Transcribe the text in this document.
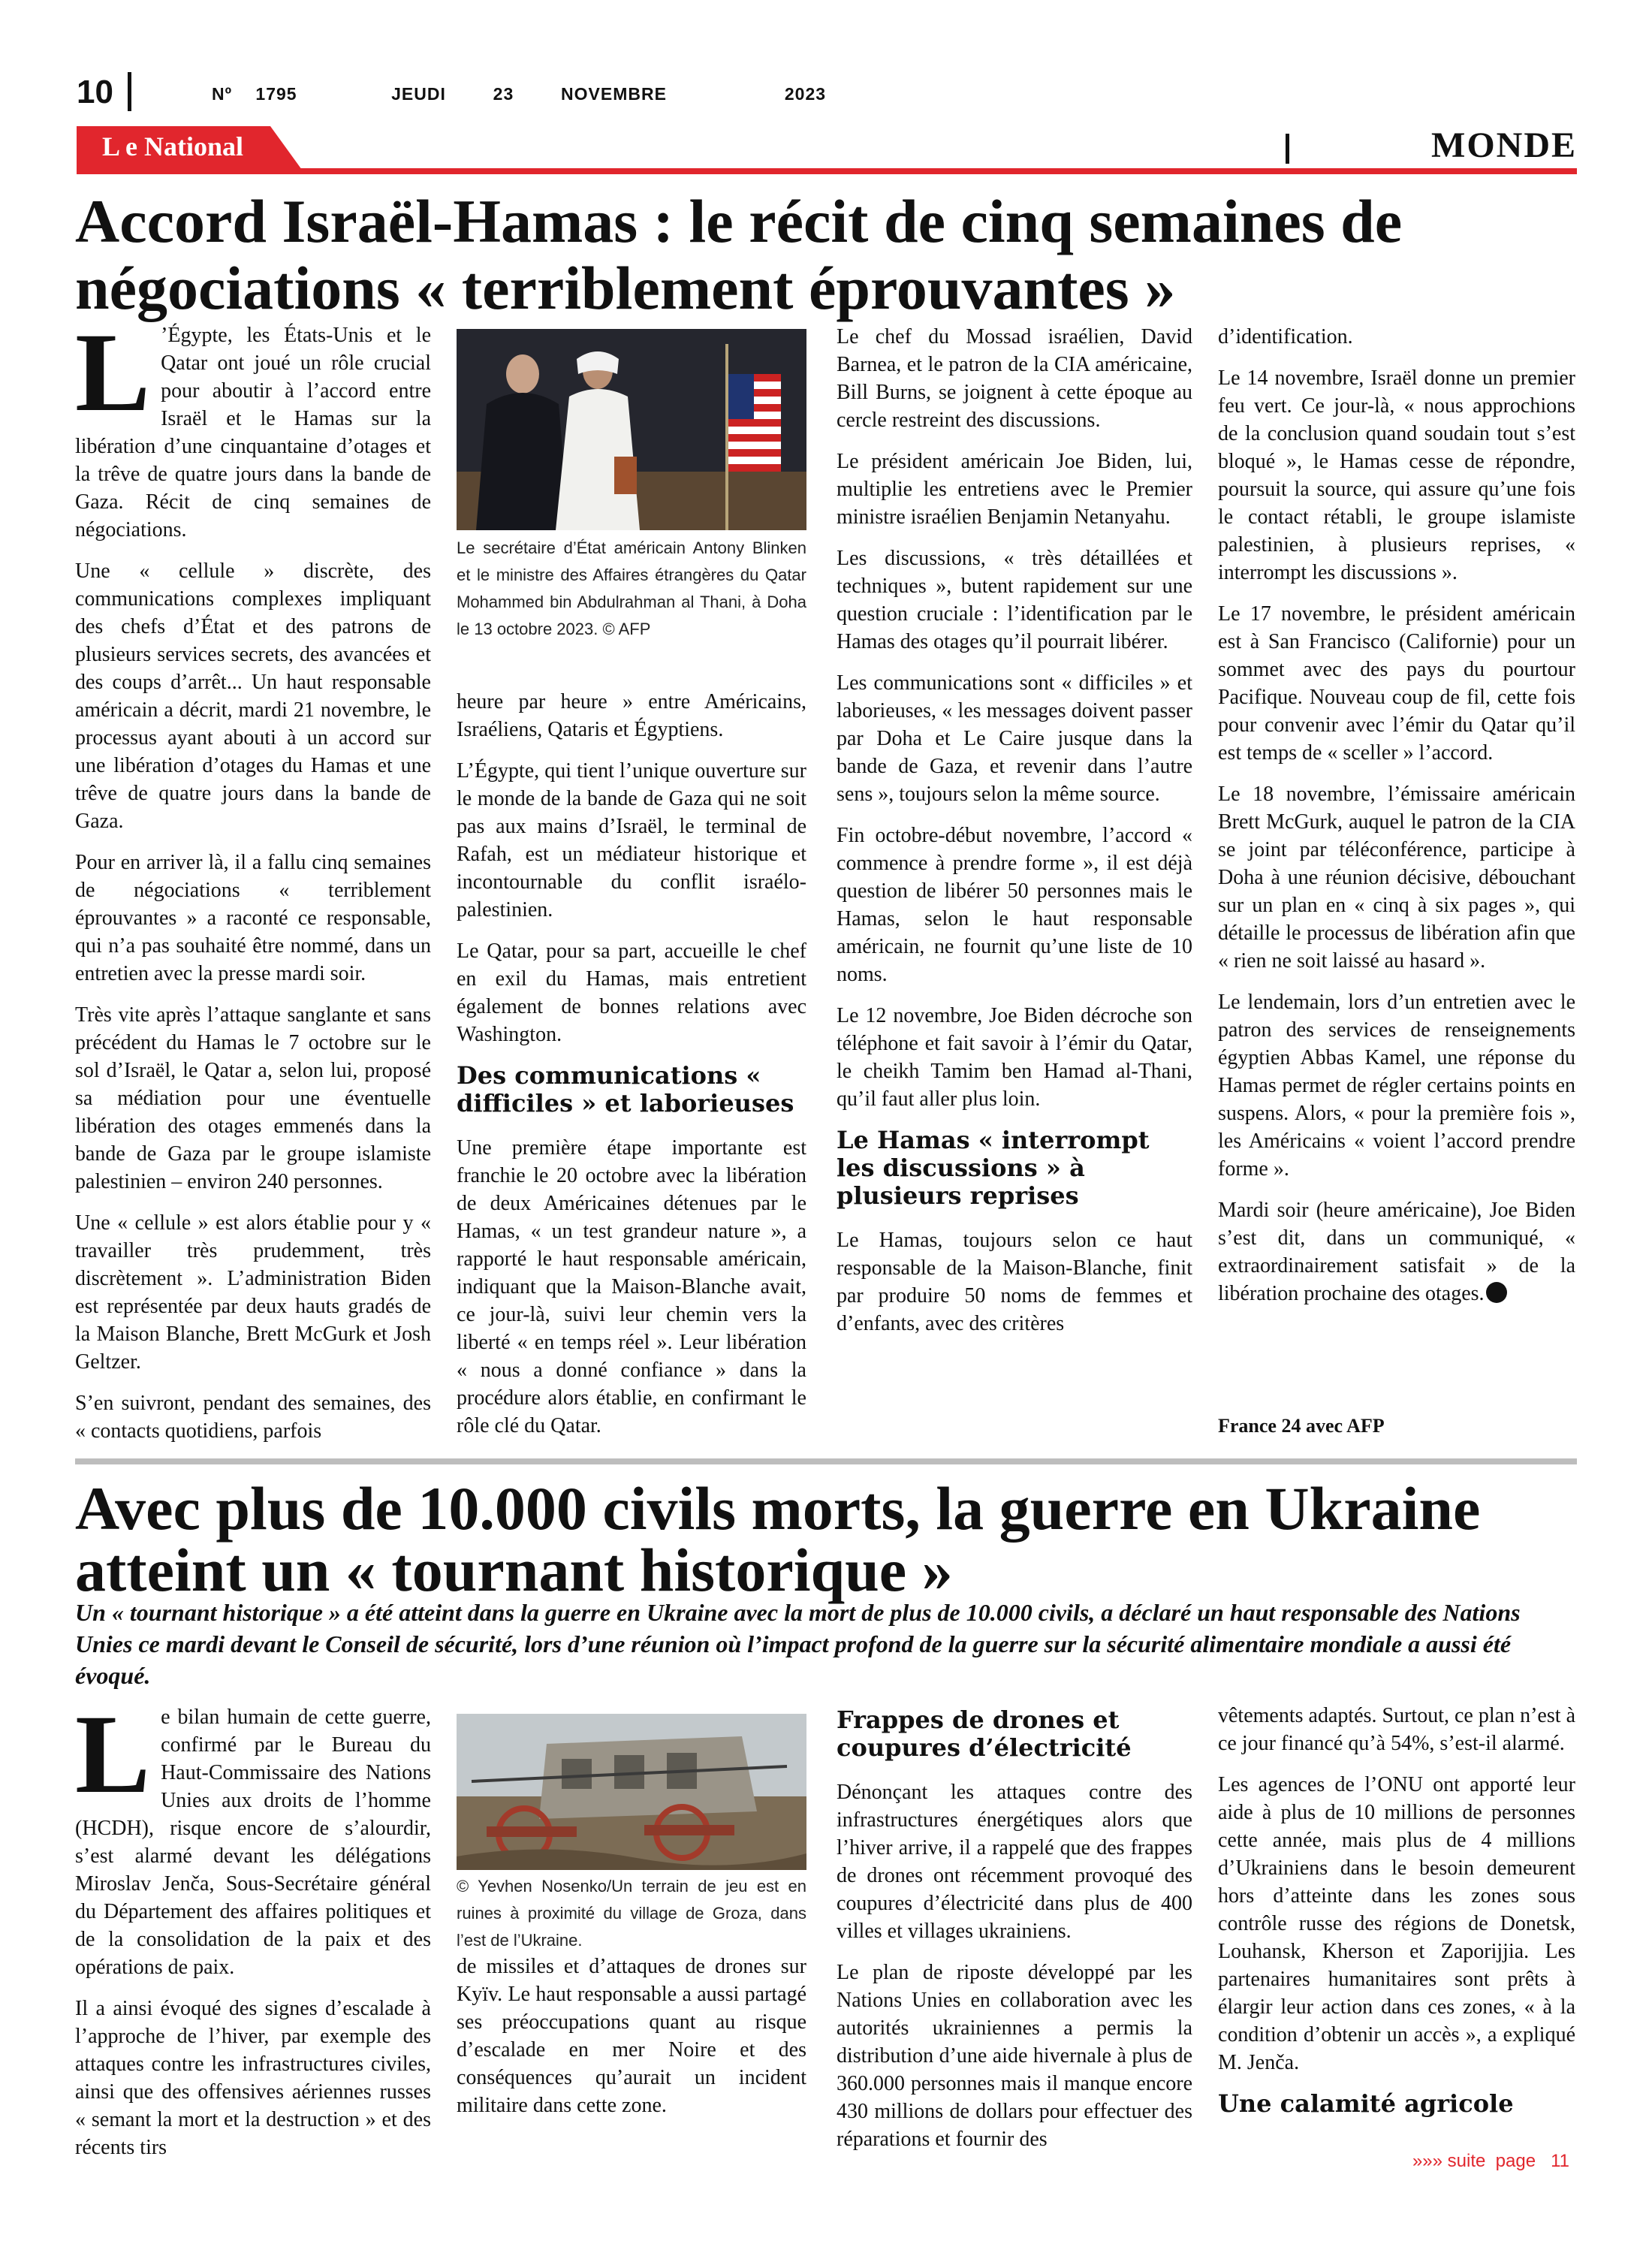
10	Nº 1795    JEUDI  23  NOVEMBRE     2023
L e National	MONDE
Accord Israël-Hamas : le récit de cinq semaines de négociations « terriblement éprouvantes »

L ’Égypte, les États-Unis et le Qatar ont joué un rôle crucial pour aboutir à l’accord entre Israël et le Hamas sur la libération d’une cinquantaine d’otages et la trêve de quatre jours dans la bande de Gaza. Récit de cinq semaines de négociations.

Une « cellule » discrète, des communications complexes impliquant des chefs d’État et des patrons de plusieurs services secrets, des avancées et des coups d’arrêt... Un haut responsable américain a décrit, mardi 21 novembre, le processus ayant abouti à un accord sur une libération d’otages du Hamas et une trêve de quatre jours dans la bande de Gaza.

Pour en arriver là, il a fallu cinq semaines de négociations « terriblement éprouvantes » a raconté ce responsable, qui n’a pas souhaité être nommé, dans un entretien avec la presse mardi soir.

Très vite après l’attaque sanglante et sans précédent du Hamas le 7 octobre sur le sol d’Israël, le Qatar a, selon lui, proposé sa médiation pour une éventuelle libération des otages emmenés dans la bande de Gaza par le groupe islamiste palestinien – environ 240 personnes.

Une « cellule » est alors établie pour y « travailler très prudemment, très discrètement ». L’administration Biden est représentée par deux hauts gradés de la Maison Blanche, Brett McGurk et Josh Geltzer.

S’en suivront, pendant des semaines, des « contacts quotidiens, parfois

Le secrétaire d’État américain Antony Blinken et le ministre des Affaires étrangères du Qatar Mohammed bin Abdulrahman al Thani, à Doha le 13 octobre 2023. © AFP

heure par heure » entre Américains, Israéliens, Qataris et Égyptiens.

L’Égypte, qui tient l’unique ouverture sur le monde de la bande de Gaza qui ne soit pas aux mains d’Israël, le terminal de Rafah, est un médiateur historique et incontournable du conflit israélo-palestinien.

Le Qatar, pour sa part, accueille le chef en exil du Hamas, mais entretient également de bonnes relations avec Washington.

Des communications « difficiles » et laborieuses

Une première étape importante est franchie le 20 octobre avec la libération de deux Américaines détenues par le Hamas, « un test grandeur nature », a rapporté le haut responsable américain, indiquant que la Maison-Blanche avait, ce jour-là, suivi leur chemin vers la liberté « en temps réel ». Leur libération « nous a donné confiance » dans la procédure alors établie, en confirmant le rôle clé du Qatar.

Le chef du Mossad israélien, David Barnea, et le patron de la CIA américaine, Bill Burns, se joignent à cette époque au cercle restreint des discussions.

Le président américain Joe Biden, lui, multiplie les entretiens avec le Premier ministre israélien Benjamin Netanyahu.

Les discussions, « très détaillées et techniques », butent rapidement sur une question cruciale : l’identification par le Hamas des otages qu’il pourrait libérer.

Les communications sont « difficiles » et laborieuses, « les messages doivent passer par Doha et Le Caire jusque dans la bande de Gaza, et revenir dans l’autre sens », toujours selon la même source.

Fin octobre-début novembre, l’accord « commence à prendre forme », il est déjà question de libérer 50 personnes mais le Hamas, selon le haut responsable américain, ne fournit qu’une liste de 10 noms.

Le 12 novembre, Joe Biden décroche son téléphone et fait savoir à l’émir du Qatar, le cheikh Tamim ben Hamad al-Thani, qu’il faut aller plus loin.

Le Hamas « interrompt les discussions » à plusieurs reprises

Le Hamas, toujours selon ce haut responsable de la Maison-Blanche, finit par produire 50 noms de femmes et d’enfants, avec des critères

d’identification.

Le 14 novembre, Israël donne un premier feu vert. Ce jour-là, « nous approchions de la conclusion quand soudain tout s’est bloqué », le Hamas cesse de répondre, poursuit la source, qui assure qu’une fois le contact rétabli, le groupe islamiste palestinien, à plusieurs reprises, « interrompt les discussions ».

Le 17 novembre, le président américain est à San Francisco (Californie) pour un sommet avec des pays du pourtour Pacifique. Nouveau coup de fil, cette fois pour convenir avec l’émir du Qatar qu’il est temps de « sceller » l’accord.

Le 18 novembre, l’émissaire américain Brett McGurk, auquel le patron de la CIA se joint par téléconférence, participe à Doha à une réunion décisive, débouchant sur un plan en « cinq à six pages », qui détaille le processus de libération afin que « rien ne soit laissé au hasard ».

Le lendemain, lors d’un entretien avec le patron des services de renseignements égyptien Abbas Kamel, une réponse du Hamas permet de régler certains points en suspens. Alors, « pour la première fois », les Américains « voient l’accord prendre forme ».

Mardi soir (heure américaine), Joe Biden s’est dit, dans un communiqué, « extraordinairement satisfait » de la libération prochaine des otages.

France 24 avec AFP
Avec plus de 10.000 civils morts, la guerre en Ukraine atteint un « tournant historique »
Un « tournant historique » a été atteint dans la guerre en Ukraine avec la mort de plus de 10.000 civils, a déclaré un haut responsable des Nations Unies ce mardi devant le Conseil de sécurité, lors d’une réunion où l’impact profond de la guerre sur la sécurité alimentaire mondiale a aussi été évoqué.

Le bilan humain de cette guerre, confirmé par le Bureau du Haut-Commissaire des Nations Unies aux droits de l’homme (HCDH), risque encore de s’alourdir, s’est alarmé devant les délégations Miroslav Jenča, Sous-Secrétaire général du Département des affaires politiques et de la consolidation de la paix et des opérations de paix.

Il a ainsi évoqué des signes d’escalade à l’approche de l’hiver, par exemple des attaques contre les infrastructures civiles, ainsi que des offensives aériennes russes « semant la mort et la destruction » et des récents tirs

© Yevhen Nosenko/Un terrain de jeu est en ruines à proximité du village de Groza, dans l’est de l’Ukraine.

de missiles et d’attaques de drones sur Kyïv. Le haut responsable a aussi partagé ses préoccupations quant au risque d’escalade en mer Noire et des conséquences qu’aurait un incident militaire dans cette zone.

Frappes de drones et coupures d’électricité

Dénonçant les attaques contre des infrastructures énergétiques alors que l’hiver arrive, il a rappelé que des frappes de drones ont récemment provoqué des coupures d’électricité dans plus de 400 villes et villages ukrainiens.

Le plan de riposte développé par les Nations Unies en collaboration avec les autorités ukrainiennes a permis la distribution d’une aide hivernale à plus de 360.000 personnes mais il manque encore 430 millions de dollars pour effectuer des réparations et fournir des

vêtements adaptés. Surtout, ce plan n’est à ce jour financé qu’à 54%, s’est-il alarmé.

Les agences de l’ONU ont apporté leur aide à plus de 10 millions de personnes cette année, mais plus de 4 millions d’Ukrainiens dans le besoin demeurent hors d’atteinte dans les zones sous contrôle russe des régions de Donetsk, Louhansk, Kherson et Zaporijjia. Les partenaires humanitaires sont prêts à élargir leur action dans ces zones, « à la condition d’obtenir un accès », a expliqué M. Jenča.

Une calamité agricole
»»» suite  page   11
